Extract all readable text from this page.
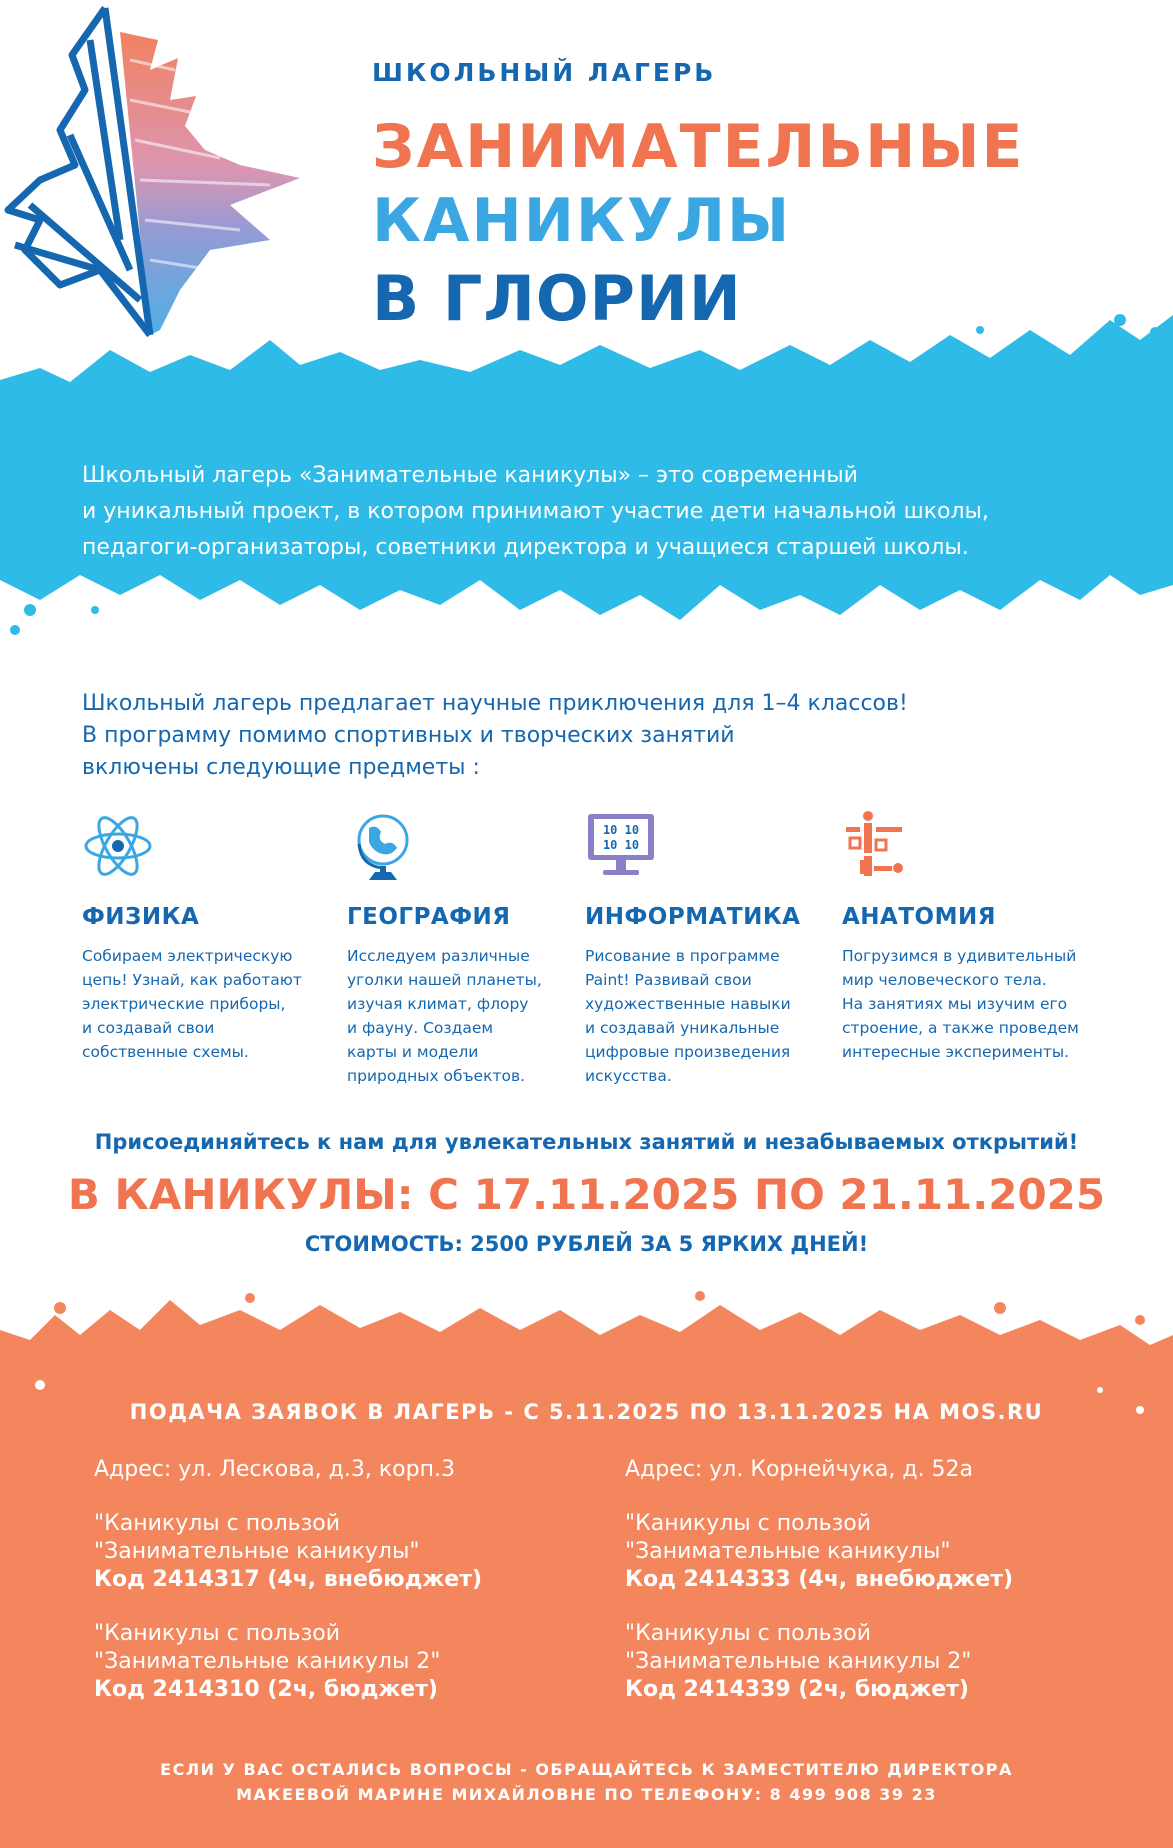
ШКОЛЬНЫЙ ЛАГЕРЬ
ЗАНИМАТЕЛЬНЫЕ
КАНИКУЛЫ
В ГЛОРИИ
Школьный лагерь «Занимательные каникулы» – это современный
и уникальный проект, в котором принимают участие дети начальной школы,
педагоги-организаторы, советники директора и учащиеся старшей школы.
Школьный лагерь предлагает научные приключения для 1–4 классов!
В программу помимо спортивных и творческих занятий
включены следующие предметы :
ФИЗИКА

Собираем электрическую
цепь! Узнай, как работают
электрические приборы,
и создавай свои
собственные схемы.

ГЕОГРАФИЯ

Исследуем различные
уголки нашей планеты,
изучая климат, флору
и фауну. Создаем
карты и модели
природных объектов.

10 10
10 10
ИНФОРМАТИКА

Рисование в программе
Paint! Развивай свои
художественные навыки
и создавай уникальные
цифровые произведения
искусства.

АНАТОМИЯ

Погрузимся в удивительный
мир человеческого тела.
На занятиях мы изучим его
строение, а также проведем
интересные эксперименты.

Присоединяйтесь к нам для увлекательных занятий и незабываемых открытий!
В КАНИКУЛЫ: С 17.11.2025 ПО 21.11.2025
СТОИМОСТЬ: 2500 РУБЛЕЙ ЗА 5 ЯРКИХ ДНЕЙ!
ПОДАЧА ЗАЯВОК В ЛАГЕРЬ - С 5.11.2025 ПО 13.11.2025 НА MOS.RU

Адрес: ул. Лескова, д.3, корп.3

"Каникулы с пользой

"Занимательные каникулы"

Код 2414317 (4ч, внебюджет)

"Каникулы с пользой

"Занимательные каникулы 2"

Код 2414310 (2ч, бюджет)

Адрес: ул. Корнейчука, д. 52а

"Каникулы с пользой

"Занимательные каникулы"

Код 2414333 (4ч, внебюджет)

"Каникулы с пользой

"Занимательные каникулы 2"

Код 2414339 (2ч, бюджет)

ЕСЛИ У ВАС ОСТАЛИСЬ ВОПРОСЫ - ОБРАЩАЙТЕСЬ К ЗАМЕСТИТЕЛЮ ДИРЕКТОРА
МАКЕЕВОЙ МАРИНЕ МИХАЙЛОВНЕ ПО ТЕЛЕФОНУ: 8 499 908 39 23
